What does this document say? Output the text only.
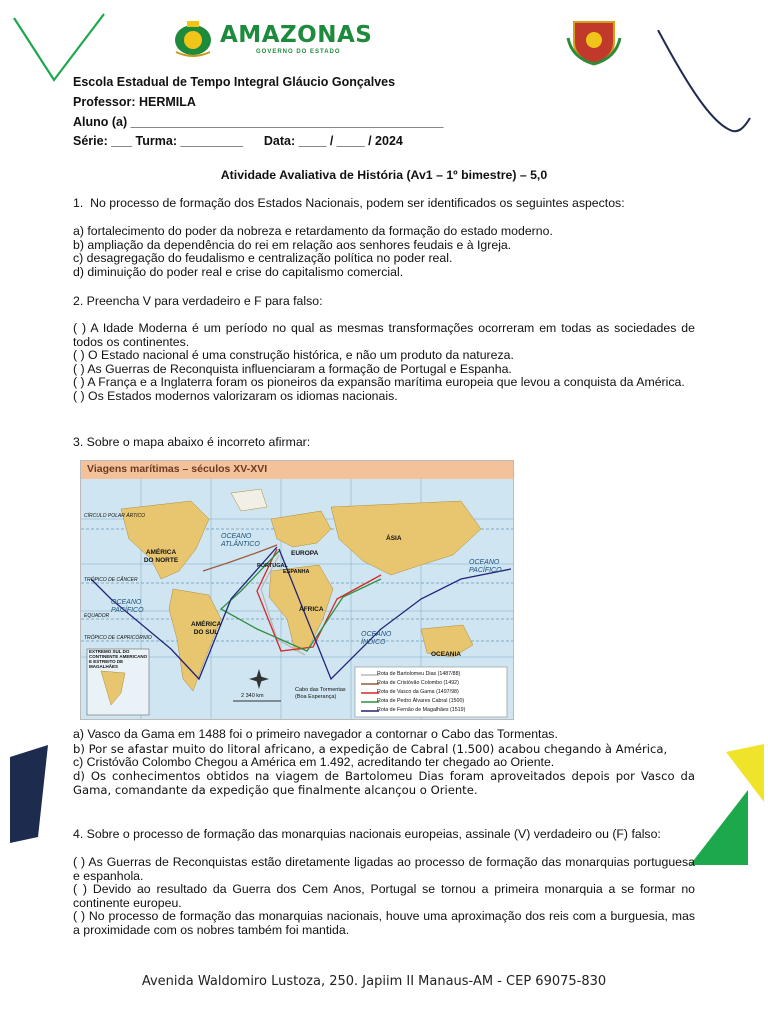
AMAZONAS
GOVERNO DO ESTADO
Escola Estadual de Tempo Integral Gláucio Gonçalves
Professor: HERMILA
Aluno (a) _____________________________________________
Série: ___ Turma: _________      Data: ____ / ____ / 2024
Atividade Avaliativa de História (Av1 – 1º bimestre) – 5,0
1.  No processo de formação dos Estados Nacionais, podem ser identificados os seguintes aspectos:
a) fortalecimento do poder da nobreza e retardamento da formação do estado moderno.
b) ampliação da dependência do rei em relação aos senhores feudais e à Igreja.
c) desagregação do feudalismo e centralização política no poder real.
d) diminuição do poder real e crise do capitalismo comercial.
2. Preencha V para verdadeiro e F para falso:
( ) A Idade Moderna é um período no qual as mesmas transformações ocorreram em todas as sociedades de todos os continentes.
( ) O Estado nacional é uma construção histórica, e não um produto da natureza.
( ) As Guerras de Reconquista influenciaram a formação de Portugal e Espanha.
( ) A França e a Inglaterra foram os pioneiros da expansão marítima europeia que levou a conquista da América.
( ) Os Estados modernos valorizaram os idiomas nacionais.
3. Sobre o mapa abaixo é incorreto afirmar:
Viagens marítimas – séculos XV-XVI
AMÉRICA DO NORTE
AMÉRICA DO SUL
EUROPA
ÁSIA
ÁFRICA
OCEANIA
OCEANO ATLÂNTICO
OCEANO PACÍFICO
OCEANO PACÍFICO
OCEANO ÍNDICO
PORTUGAL
ESPANHA
Cabo das Tormentas (Boa Esperança)
CÍRCULO POLAR ÁRTICO
TRÓPICO DE CÂNCER
EQUADOR
TRÓPICO DE CAPRICÓRNIO
EXTREMO SUL DO CONTINENTE AMERICANO E ESTREITO DE MAGALHÃES
2 340 km
Rota de Bartolomeu Dias (1487/88)
Rota de Cristóvão Colombo (1492)
Rota de Vasco da Gama (1497/98)
Rota de Pedro Álvares Cabral (1500)
Rota de Fernão de Magalhães (1519)
a) Vasco da Gama em 1488 foi o primeiro navegador a contornar o Cabo das Tormentas.
b) Por se afastar muito do litoral africano, a expedição de Cabral (1.500) acabou chegando à América,
c) Cristóvão Colombo Chegou a América em 1.492, acreditando ter chegado ao Oriente.
d) Os conhecimentos obtidos na viagem de Bartolomeu Dias foram aproveitados depois por Vasco da Gama, comandante da expedição que finalmente alcançou o Oriente.
4. Sobre o processo de formação das monarquias nacionais europeias, assinale (V) verdadeiro ou (F) falso:
( ) As Guerras de Reconquistas estão diretamente ligadas ao processo de formação das monarquias portuguesa e espanhola.
( ) Devido ao resultado da Guerra dos Cem Anos, Portugal se tornou a primeira monarquia a se formar no continente europeu.
( ) No processo de formação das monarquias nacionais, houve uma aproximação dos reis com a burguesia, mas a proximidade com os nobres também foi mantida.
Avenida Waldomiro Lustoza, 250. Japiim II Manaus-AM - CEP 69075-830
